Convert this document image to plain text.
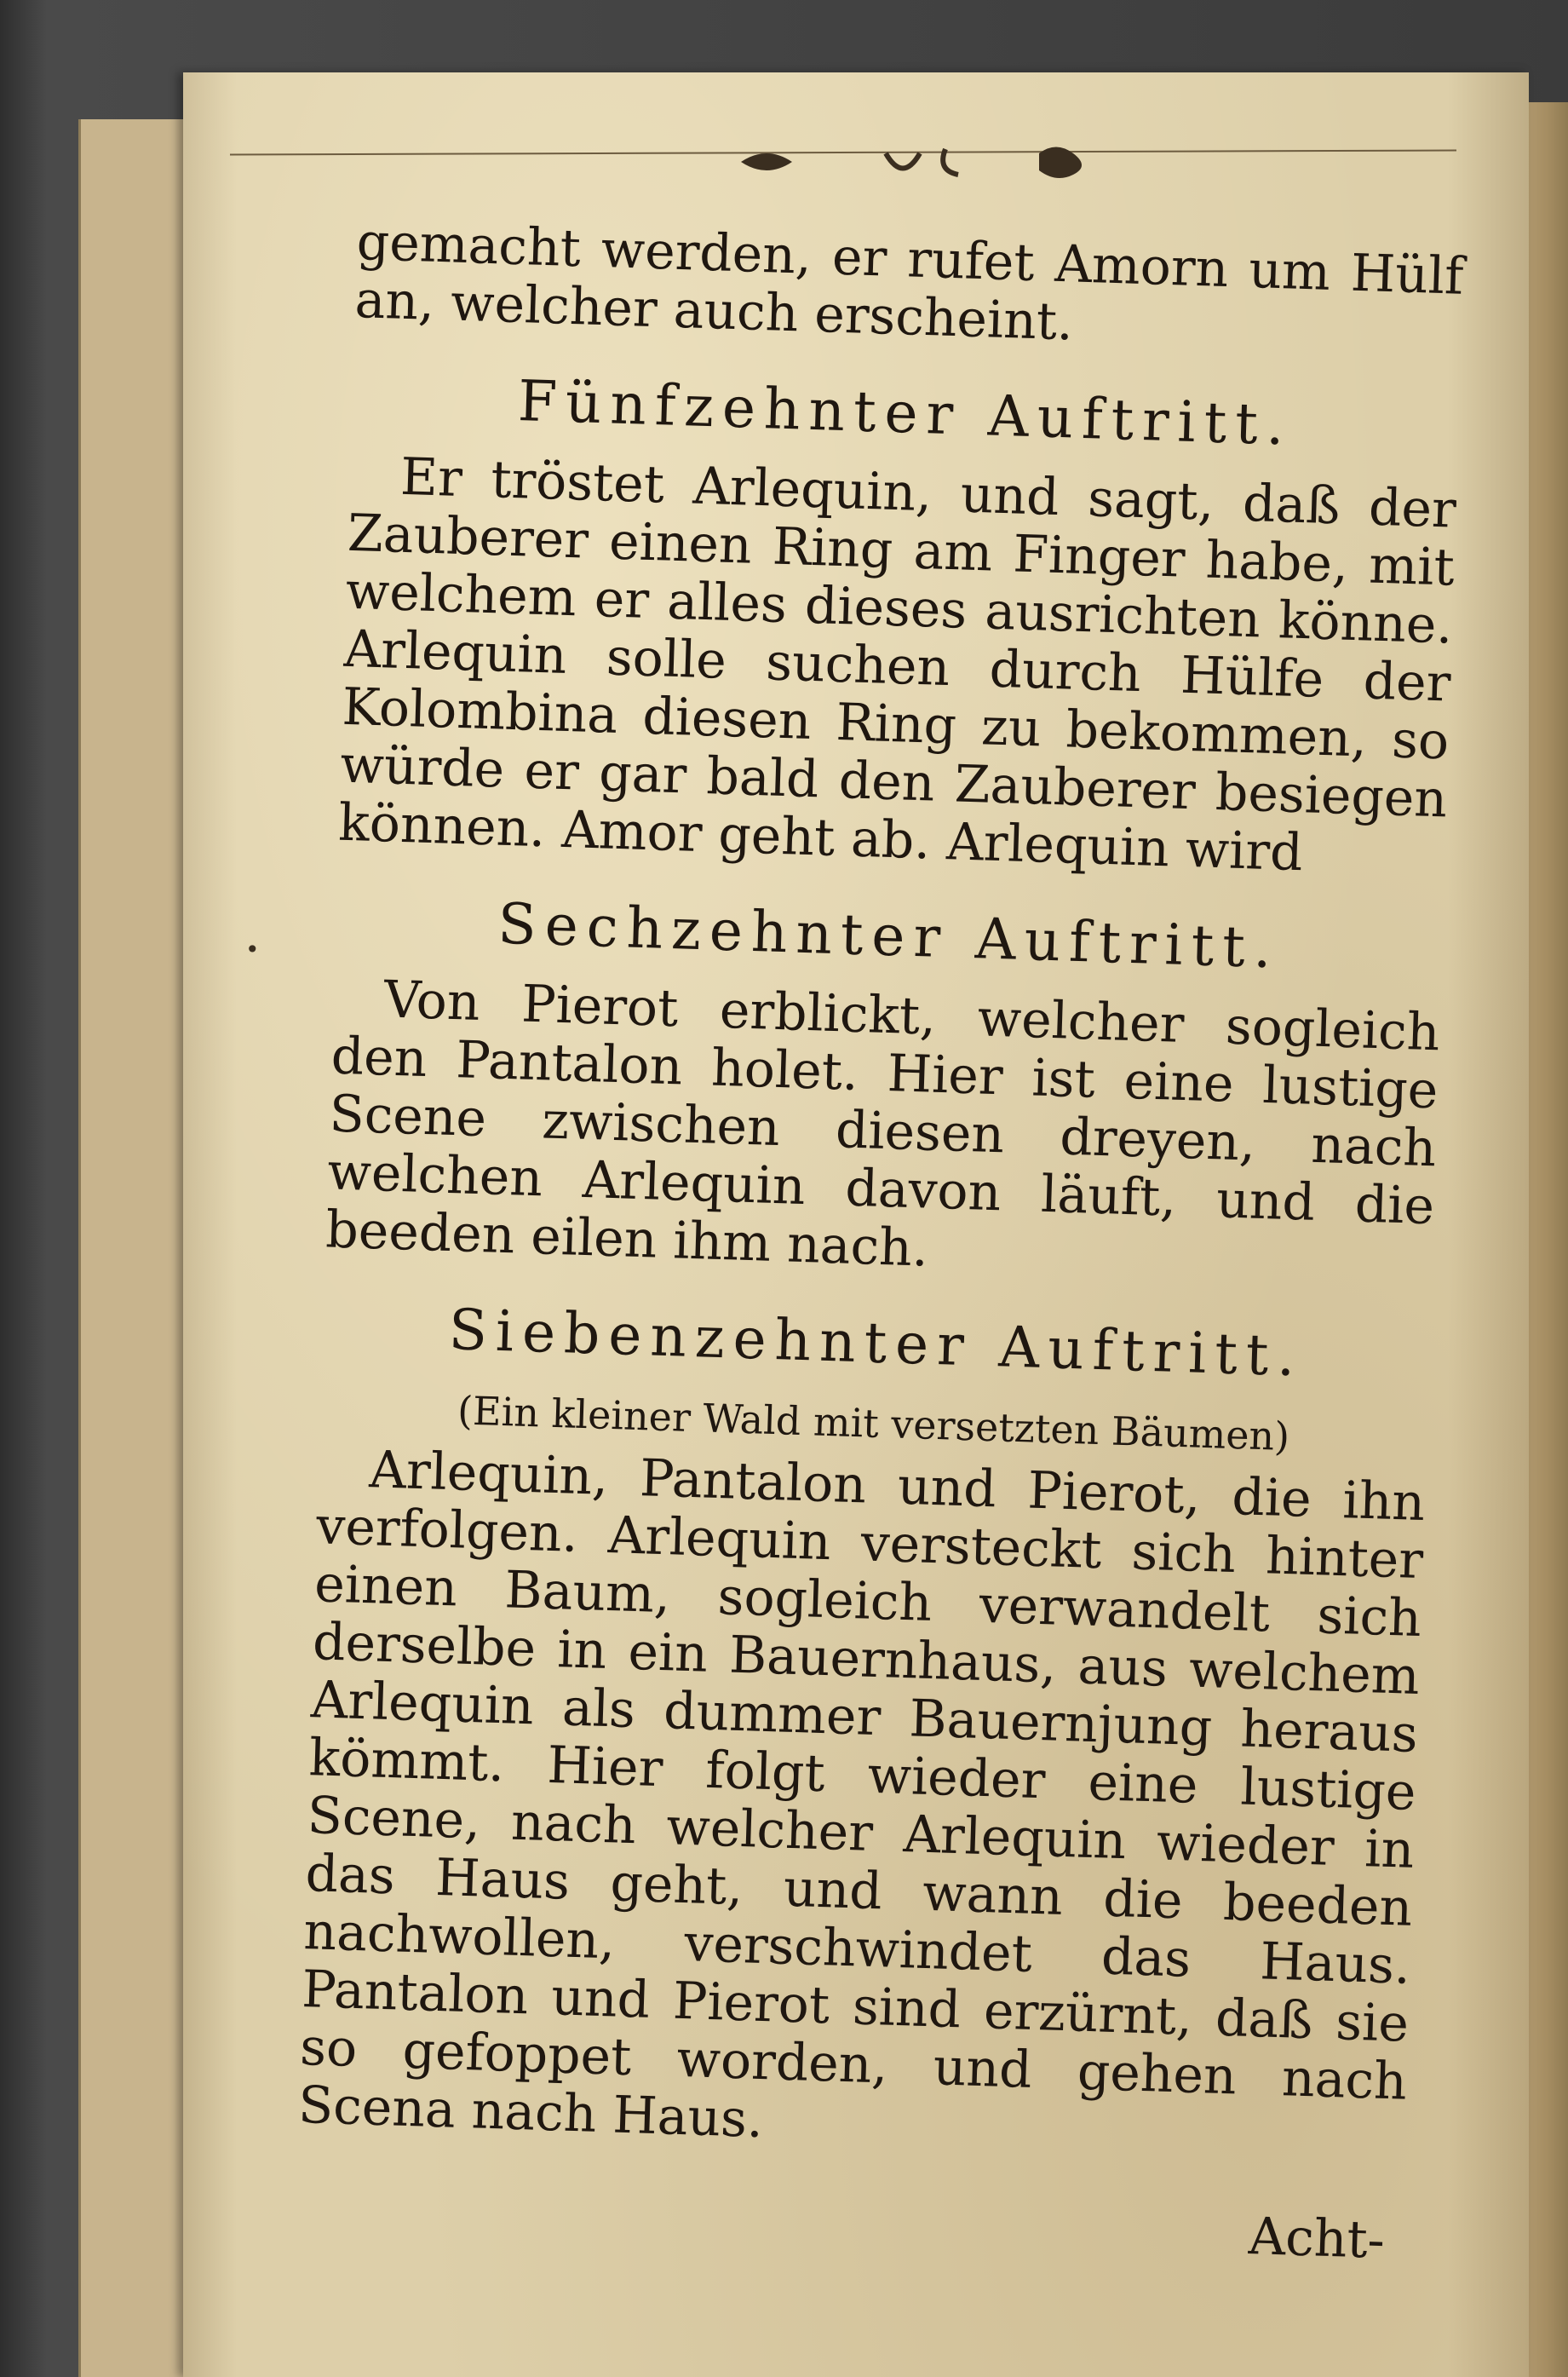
•

gemacht werden, er rufet Amorn um Hülf an, welcher auch erscheint.

Fünfzehnter Auftritt.

Er tröstet Arlequin, und sagt, daß der Zauberer einen Ring am Finger habe, mit welchem er alles dieses ausrichten könne. Arlequin solle suchen durch Hülfe der Kolombina diesen Ring zu bekommen, so würde er gar bald den Zauberer besiegen können. Amor geht ab. Arlequin wird

Sechzehnter Auftritt.

Von Pierot erblickt, welcher sogleich den Pantalon holet. Hier ist eine lustige Scene zwischen diesen dreyen, nach welchen Arlequin davon läuft, und die beeden eilen ihm nach.

Siebenzehnter Auftritt.
(Ein kleiner Wald mit versetzten Bäumen)

Arlequin, Pantalon und Pierot, die ihn verfolgen. Arlequin versteckt sich hinter einen Baum, sogleich verwandelt sich derselbe in ein Bauernhaus, aus welchem Arlequin als dummer Bauernjung heraus kömmt. Hier folgt wieder eine lustige Scene, nach welcher Arlequin wieder in das Haus geht, und wann die beeden nachwollen, verschwindet das Haus. Pantalon und Pierot sind erzürnt, daß sie so gefoppet worden, und gehen nach Scena nach Haus.

Acht-
